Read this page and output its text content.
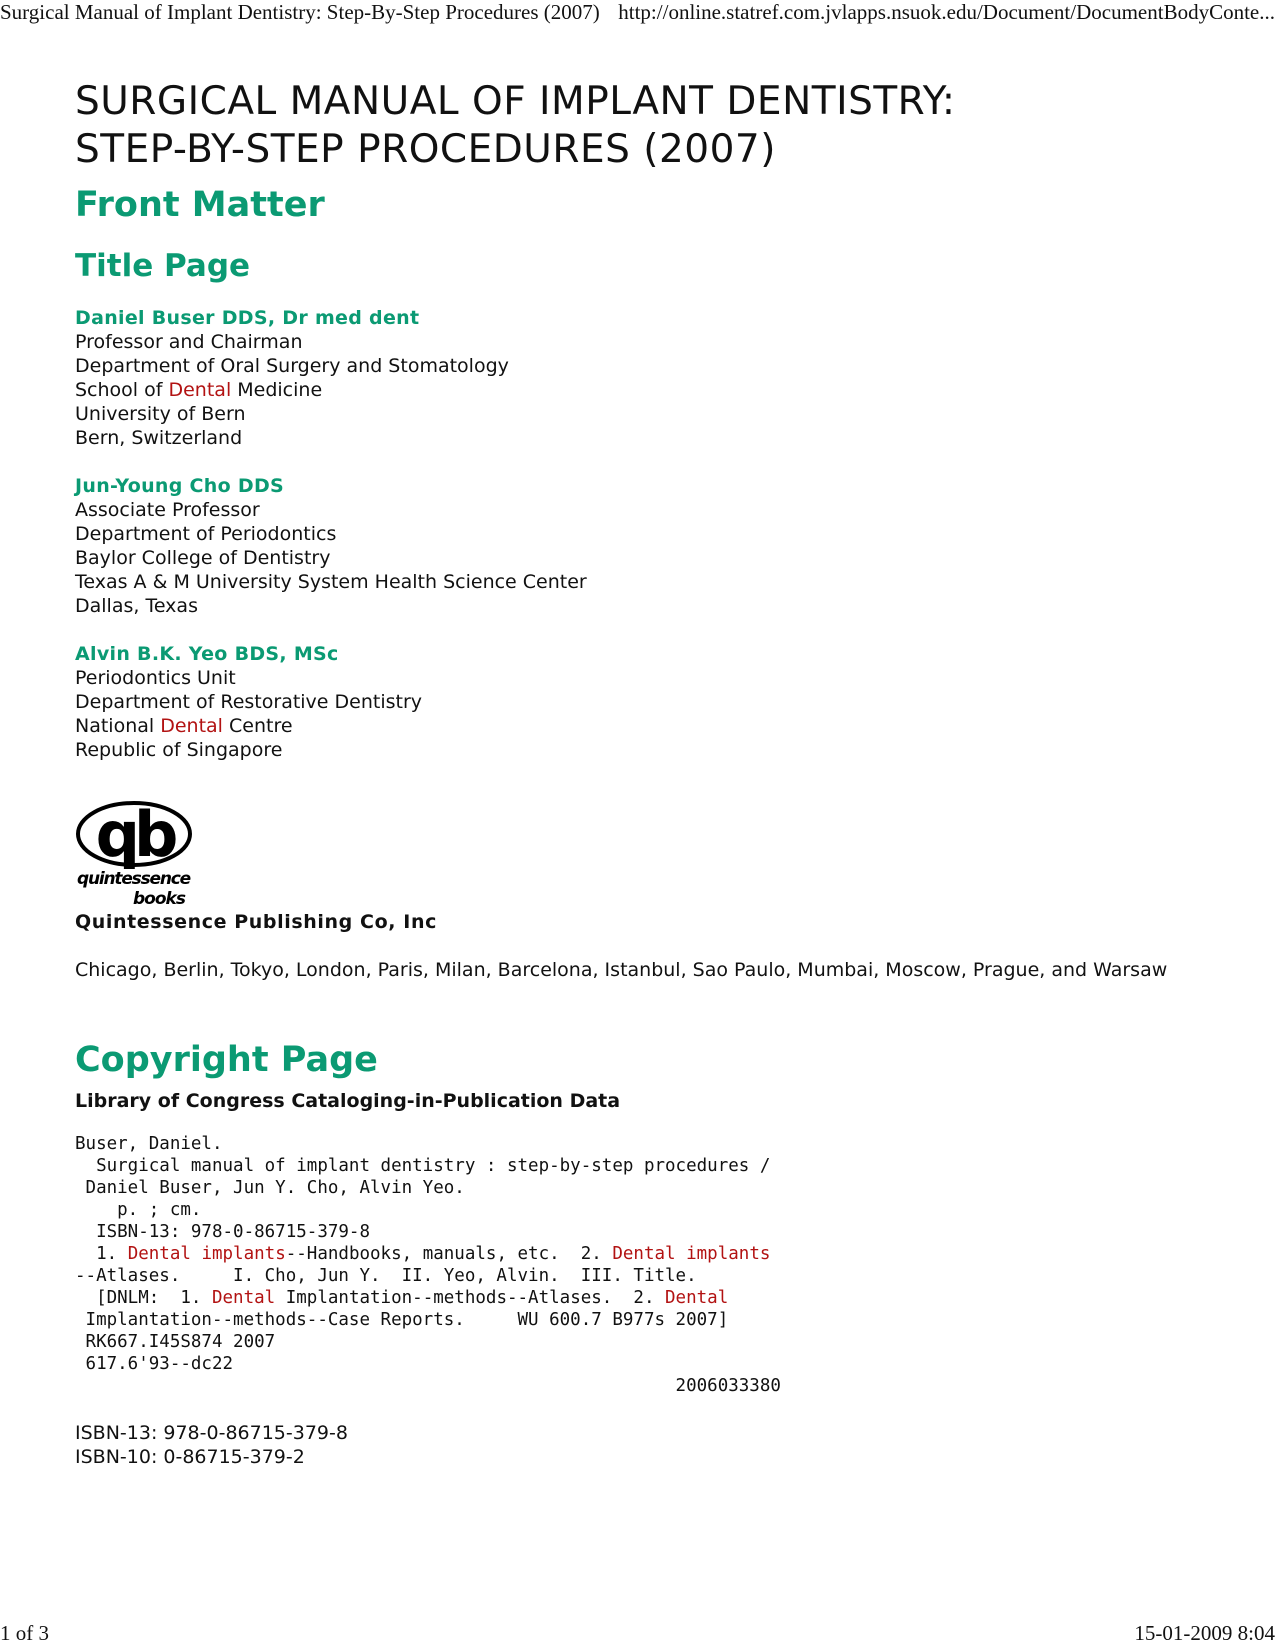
Surgical Manual of Implant Dentistry: Step-By-Step Procedures (2007) http://online.statref.com.jvlapps.nsuok.edu/Document/DocumentBodyConte...
SURGICAL MANUAL OF IMPLANT DENTISTRY:
STEP-BY-STEP PROCEDURES (2007)
Front Matter
Title Page
Daniel Buser DDS, Dr med dent
Professor and Chairman
Department of Oral Surgery and Stomatology
School of Dental Medicine
University of Bern
Bern, Switzerland
Jun-Young Cho DDS
Associate Professor
Department of Periodontics
Baylor College of Dentistry
Texas A & M University System Health Science Center
Dallas, Texas
Alvin B.K. Yeo BDS, MSc
Periodontics Unit
Department of Restorative Dentistry
National Dental Centre
Republic of Singapore
qb
quintessence
books
Quintessence Publishing Co, Inc
Chicago, Berlin, Tokyo, London, Paris, Milan, Barcelona, Istanbul, Sao Paulo, Mumbai, Moscow, Prague, and Warsaw
Copyright Page
Library of Congress Cataloging-in-Publication Data
Buser, Daniel.
Surgical manual of implant dentistry : step-by-step procedures /
Daniel Buser, Jun Y. Cho, Alvin Yeo.
p. ; cm.
ISBN-13: 978-0-86715-379-8
1. Dental implants--Handbooks, manuals, etc.  2. Dental implants
--Atlases.     I. Cho, Jun Y.  II. Yeo, Alvin.  III. Title.
[DNLM:  1. Dental Implantation--methods--Atlases.  2. Dental
Implantation--methods--Case Reports.     WU 600.7 B977s 2007]
RK667.I45S874 2007
617.6'93--dc22
2006033380
ISBN-13: 978-0-86715-379-8
ISBN-10: 0-86715-379-2
1 of 3	15-01-2009 8:04
